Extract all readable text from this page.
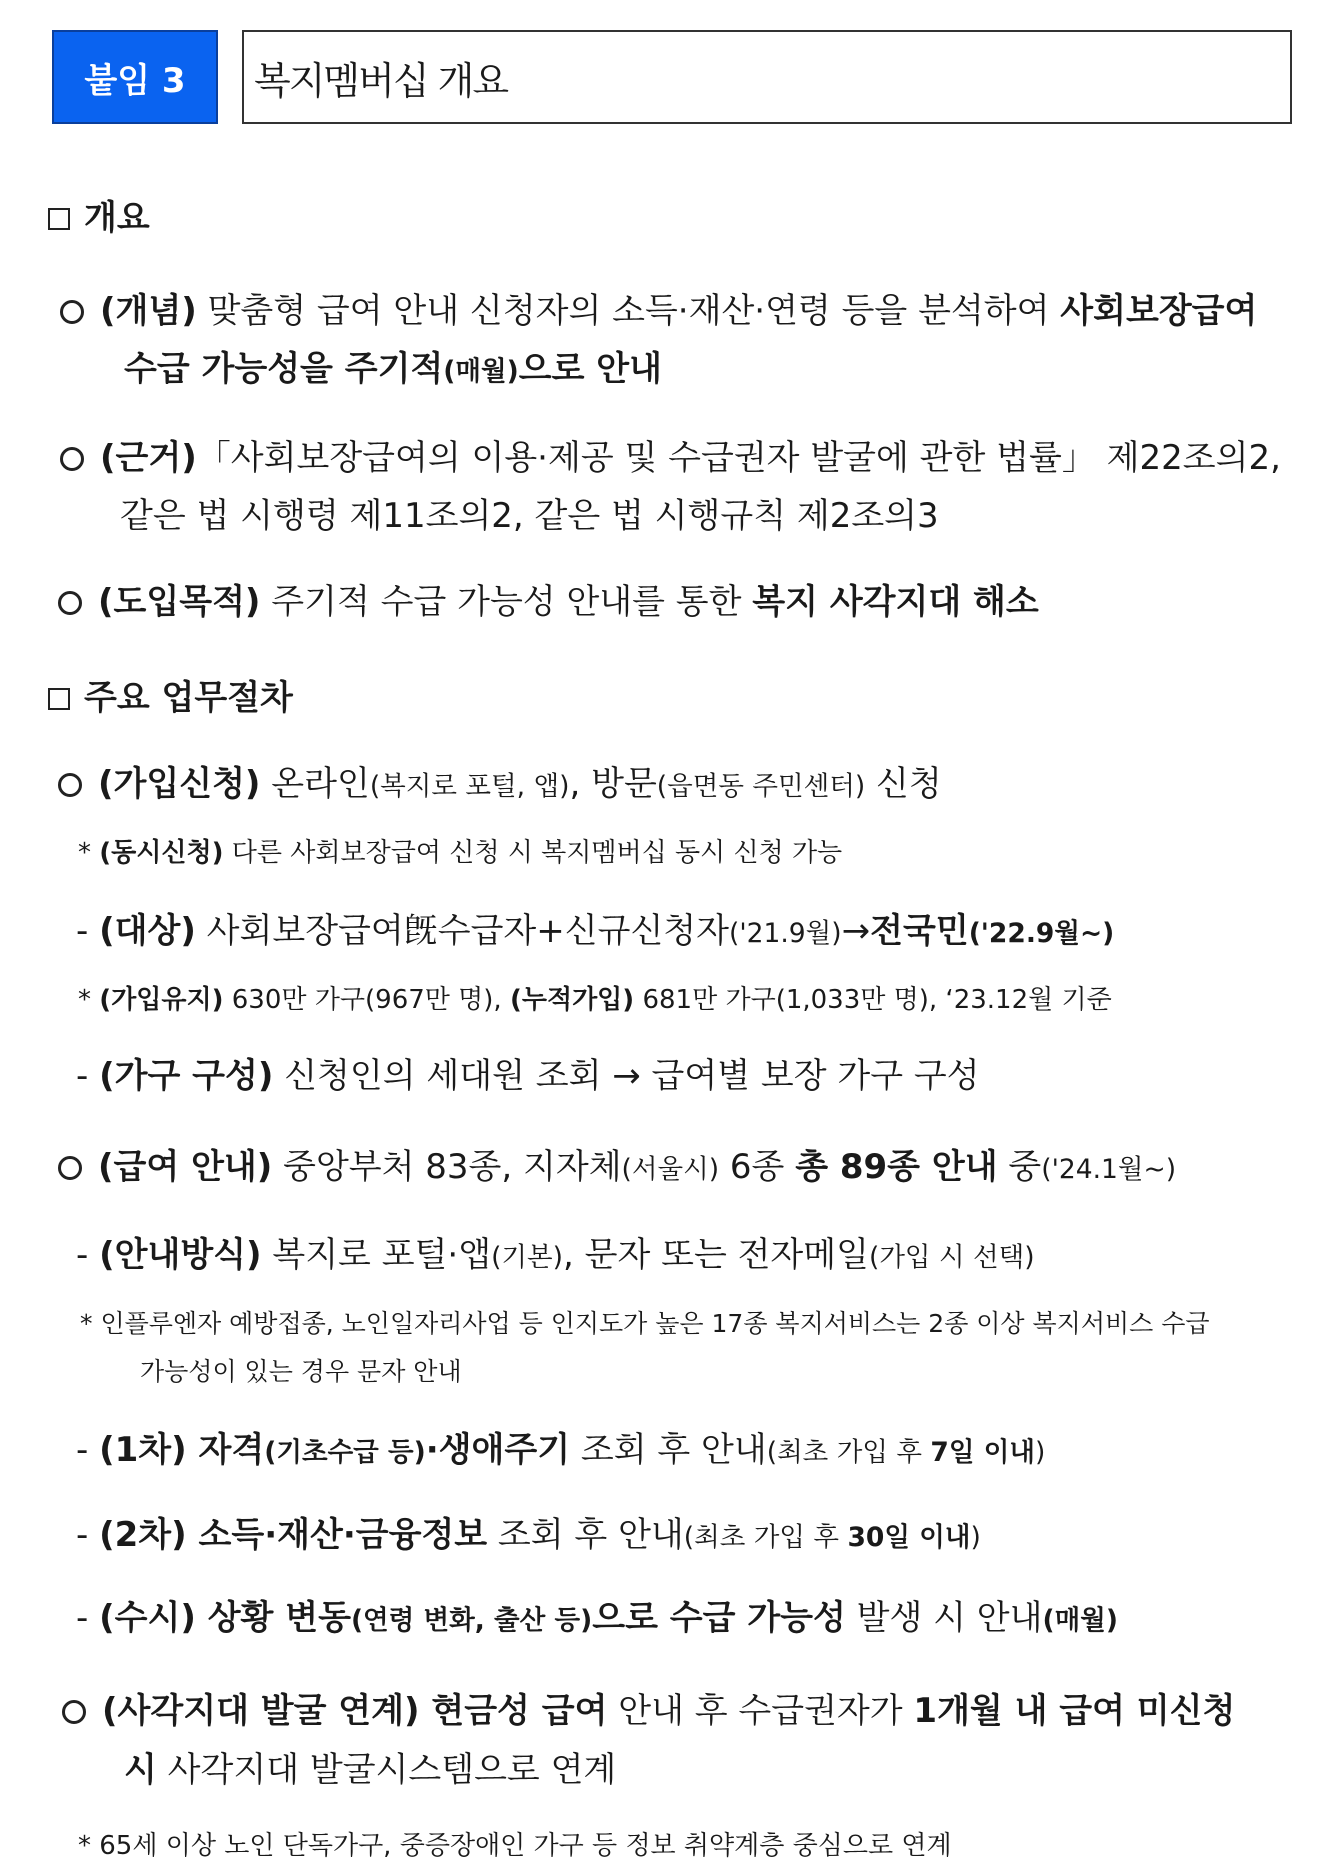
붙임 3	복지멤버십 개요
개요
(개념) 맞춤형 급여 안내 신청자의 소득·재산·연령 등을 분석하여 사회보장급여
수급 가능성을 주기적(매월)으로 안내
(근거)「사회보장급여의 이용·제공 및 수급권자 발굴에 관한 법률」 제22조의2,
같은 법 시행령 제11조의2, 같은 법 시행규칙 제2조의3
(도입목적) 주기적 수급 가능성 안내를 통한 복지 사각지대 해소
주요 업무절차
(가입신청) 온라인(복지로 포털, 앱), 방문(읍면동 주민센터) 신청
* (동시신청) 다른 사회보장급여 신청 시 복지멤버십 동시 신청 가능
- (대상) 사회보장급여旣수급자+신규신청자('21.9월)→전국민('22.9월~)
* (가입유지) 630만 가구(967만 명), (누적가입) 681만 가구(1,033만 명), ‘23.12월 기준
- (가구 구성) 신청인의 세대원 조회 → 급여별 보장 가구 구성
(급여 안내) 중앙부처 83종, 지자체(서울시) 6종 총 89종 안내 중('24.1월~)
- (안내방식) 복지로 포털·앱(기본), 문자 또는 전자메일(가입 시 선택)
* 인플루엔자 예방접종, 노인일자리사업 등 인지도가 높은 17종 복지서비스는 2종 이상 복지서비스 수급
가능성이 있는 경우 문자 안내
- (1차) 자격(기초수급 등)·생애주기 조회 후 안내(최초 가입 후 7일 이내)
- (2차) 소득·재산·금융정보 조회 후 안내(최초 가입 후 30일 이내)
- (수시) 상황 변동(연령 변화, 출산 등)으로 수급 가능성 발생 시 안내(매월)
(사각지대 발굴 연계) 현금성 급여 안내 후 수급권자가 1개월 내 급여 미신청
시 사각지대 발굴시스템으로 연계
* 65세 이상 노인 단독가구, 중증장애인 가구 등 정보 취약계층 중심으로 연계
